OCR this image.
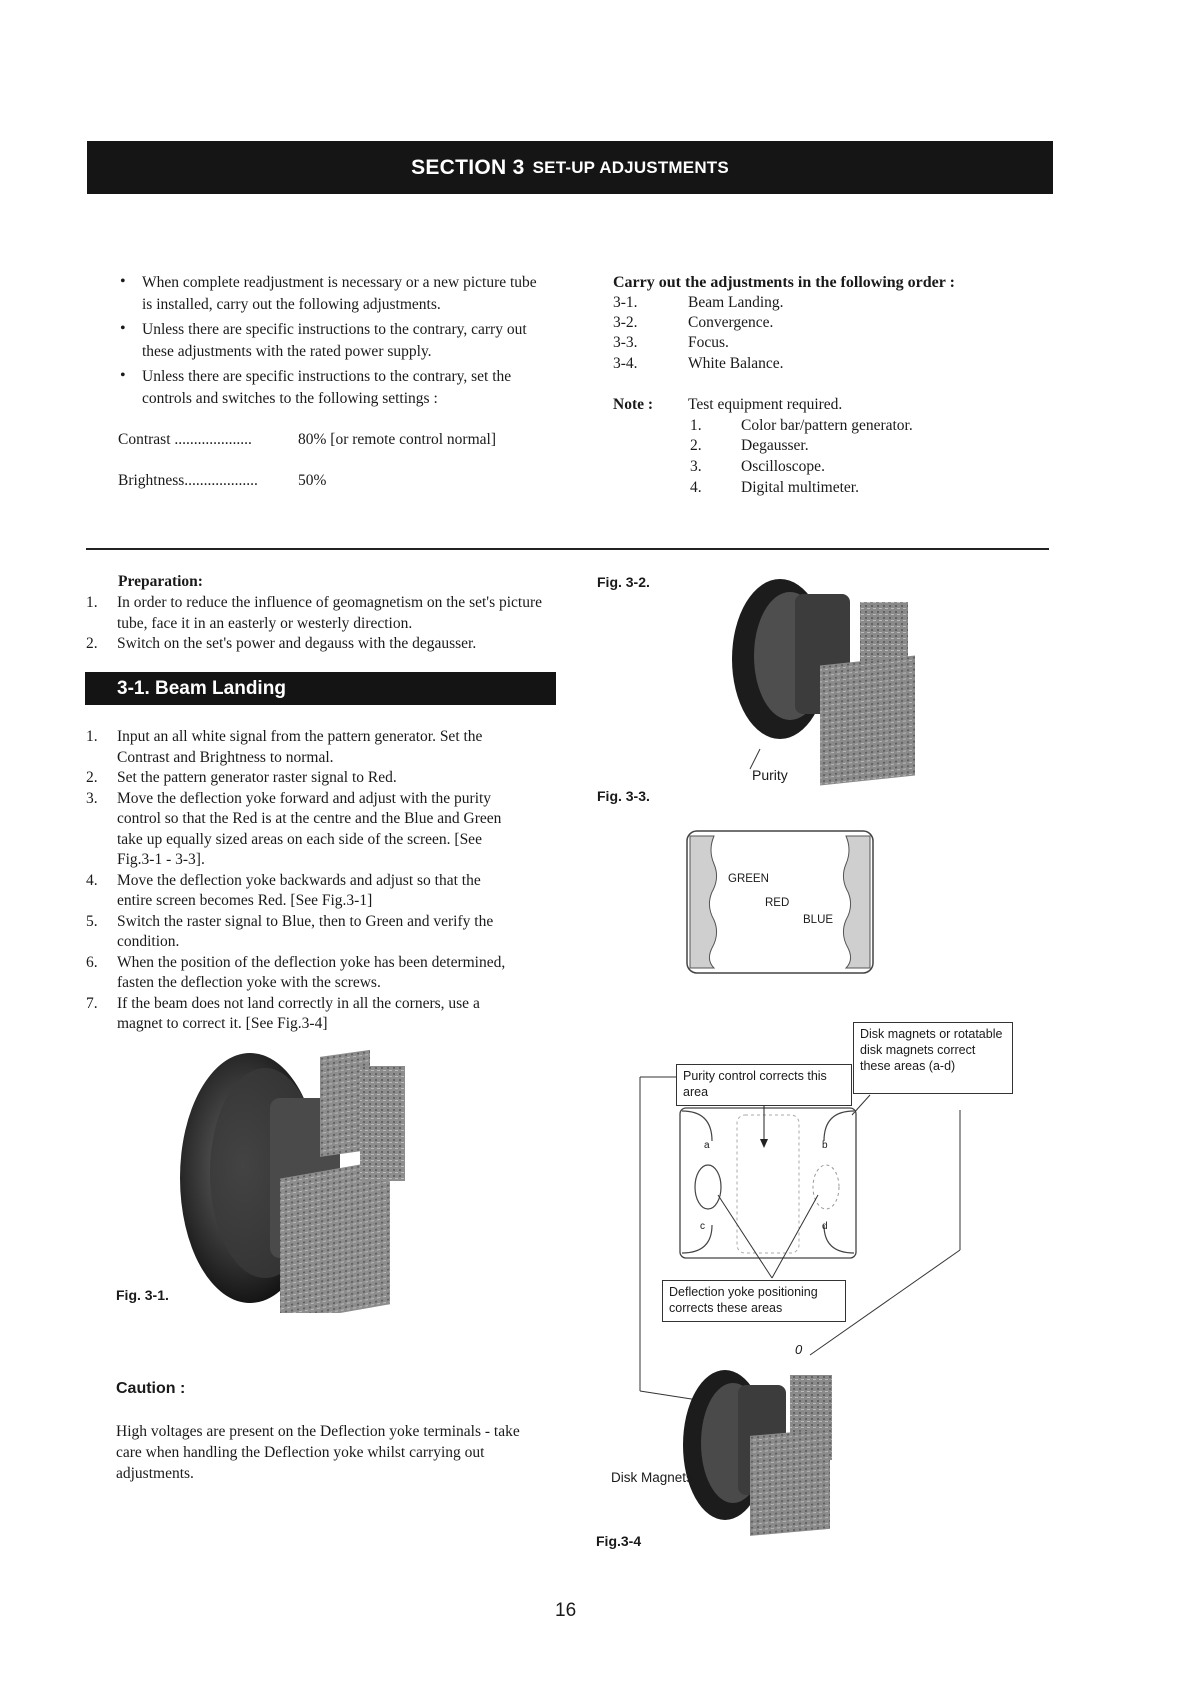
SECTION 3 SET-UP ADJUSTMENTS
• When complete readjustment is necessary or a new picture tube is installed, carry out the following adjustments.
• Unless there are specific instructions to the contrary, carry out these adjustments with the rated power supply.
• Unless there are specific instructions to the contrary, set the controls and switches to the following settings :
Contrast ....................	80% [or remote control normal]
Brightness...................	50%
Carry out the adjustments in the following order :
3-1.	Beam Landing.
3-2.	Convergence.
3-3.	Focus.
3-4.	White Balance.
Note : Test equipment required.
1.	Color bar/pattern generator.
2.	Degausser.
3.	Oscilloscope.
4.	Digital multimeter.
Preparation:
1. In order to reduce the influence of geomagnetism on the set's picture tube, face it in an easterly or westerly direction.
2. Switch on the set's power and degauss with the degausser.
3-1. Beam Landing
1. Input an all white signal from the pattern generator. Set the Contrast and Brightness to normal.
2. Set the pattern generator raster signal to Red.
3. Move the deflection yoke forward and adjust with the purity control so that the Red is at the centre and the Blue and Green take up equally sized areas on each side of the screen. [See Fig.3-1 - 3-3].
4. Move the deflection yoke backwards and adjust so that the entire screen becomes Red. [See Fig.3-1]
5. Switch the raster signal to Blue, then to Green and verify the condition.
6. When the position of the deflection yoke has been determined, fasten the deflection yoke with the screws.
7. If the beam does not land correctly in all the corners, use a magnet to correct it. [See Fig.3-4]
Fig. 3-1.
Caution :
High voltages are present on the Deflection yoke terminals - take care when handling the Deflection yoke whilst carrying out adjustments.
Fig. 3-2.
Purity
Fig. 3-3.
GREEN
RED
BLUE
Disk magnets or rotatable disk magnets correct these areas (a-d)
Purity control corrects this area
Deflection yoke positioning corrects these areas
a	b
c	d
0
Disk Magnets
Fig.3-4
16
